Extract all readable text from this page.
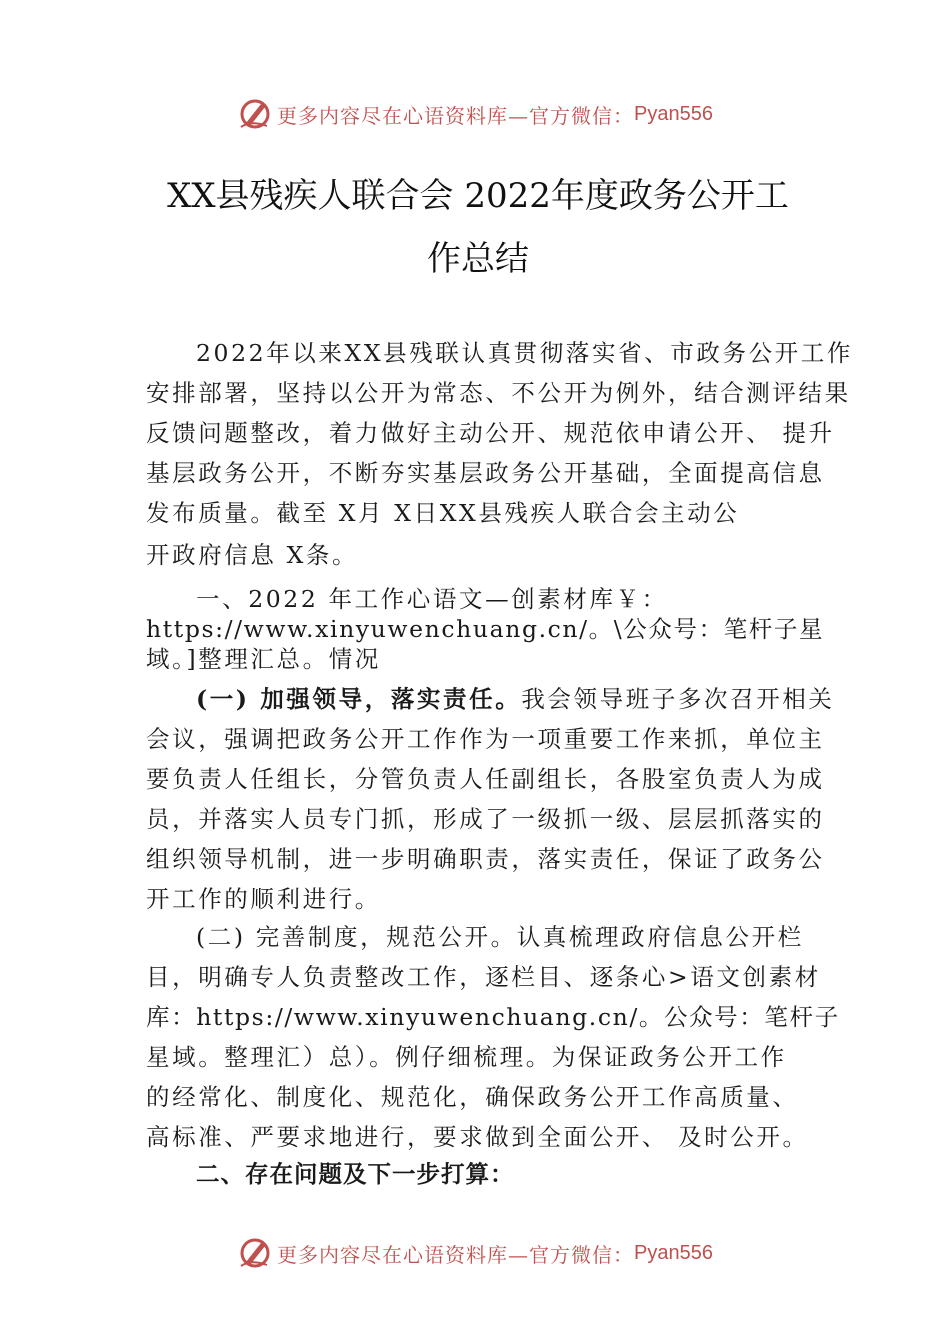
更多内容尽在心语资料库—官方微信： Pyan556
XX县残疾人联合会 2022年度政务公开工
作总结
2022年以来XX县残联认真贯彻落实省、市政务公开工作
安排部署，坚持以公开为常态、不公开为例外，结合测评结果
反馈问题整改，着力做好主动公开、规范依申请公开、 提升
基层政务公开，不断夯实基层政务公开基础，全面提高信息
发布质量。截至 X月 X日XX县残疾人联合会主动公
开政府信息 X条。
一、2022 年工作心语文—创素材库￥：
https://www.xinyuwenchuang.cn/。\公众号：笔杆子星
域。]整理汇总。情况
(一) 加强领导，落实责任。我会领导班子多次召开相关
会议，强调把政务公开工作作为一项重要工作来抓，单位主
要负责人任组长，分管负责人任副组长，各股室负责人为成
员，并落实人员专门抓，形成了一级抓一级、层层抓落实的
组织领导机制，进一步明确职责，落实责任，保证了政务公
开工作的顺利进行。
(二) 完善制度，规范公开。认真梳理政府信息公开栏
目，明确专人负责整改工作，逐栏目、逐条心>语文创素材
库：https://www.xinyuwenchuang.cn/。公众号：笔杆子
星域。整理汇）总）。例仔细梳理。为保证政务公开工作
的经常化、制度化、规范化，确保政务公开工作高质量、
高标准、严要求地进行，要求做到全面公开、 及时公开。
二、存在问题及下一步打算：
更多内容尽在心语资料库—官方微信： Pyan556
